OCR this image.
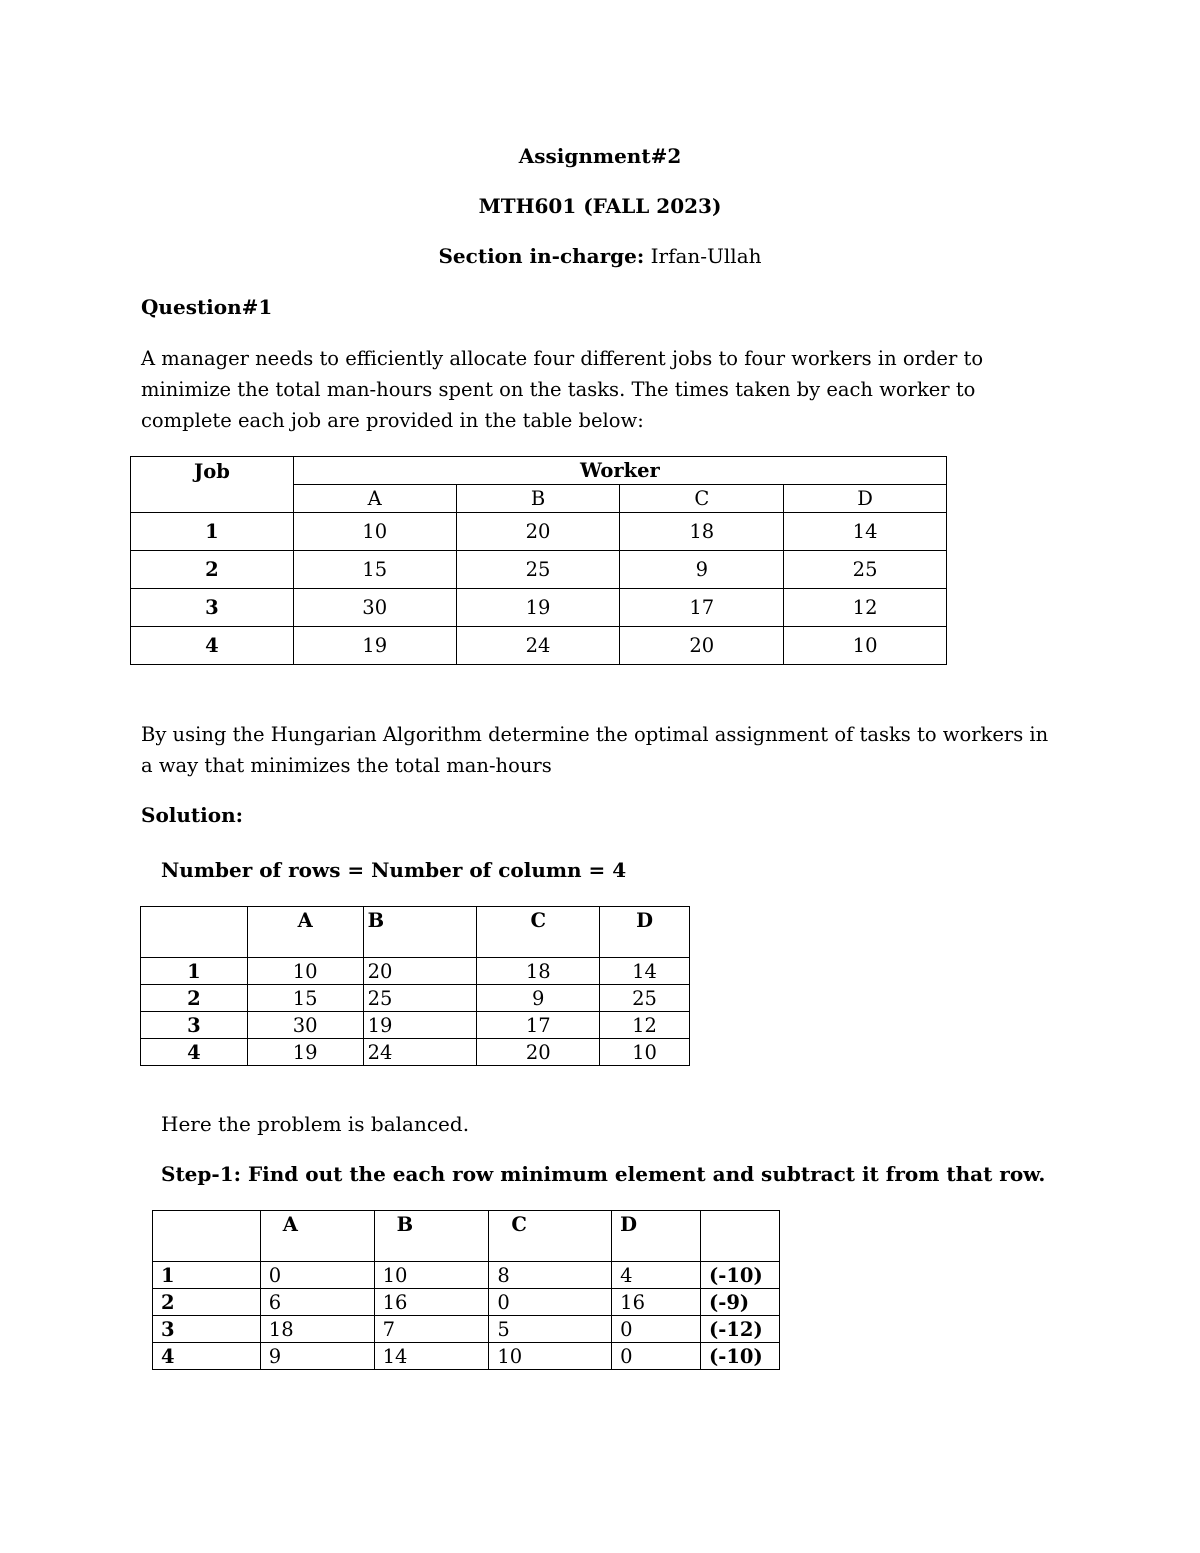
Assignment#2
MTH601 (FALL 2023)
Section in-charge: Irfan-Ullah
Question#1

A manager needs to efficiently allocate four different jobs to four workers in order to minimize the total man-hours spent on the tasks. The times taken by each worker to complete each job are provided in the table below:

Job	Worker			
	A	B	C	D
1	10	20	18	14
2	15	25	9	25
3	30	19	17	12
4	19	24	20	10

By using the Hungarian Algorithm determine the optimal assignment of tasks to workers in a way that minimizes the total man-hours

Solution:
Number of rows = Number of column = 4
	A	B	C	D
1	10	20	18	14
2	15	25	9	25
3	30	19	17	12
4	19	24	20	10
Here the problem is balanced.
Step-1: Find out the each row minimum element and subtract it from that row.
	A	B	C	D	
1	0	10	8	4	(-10)
2	6	16	0	16	(-9)
3	18	7	5	0	(-12)
4	9	14	10	0	(-10)
